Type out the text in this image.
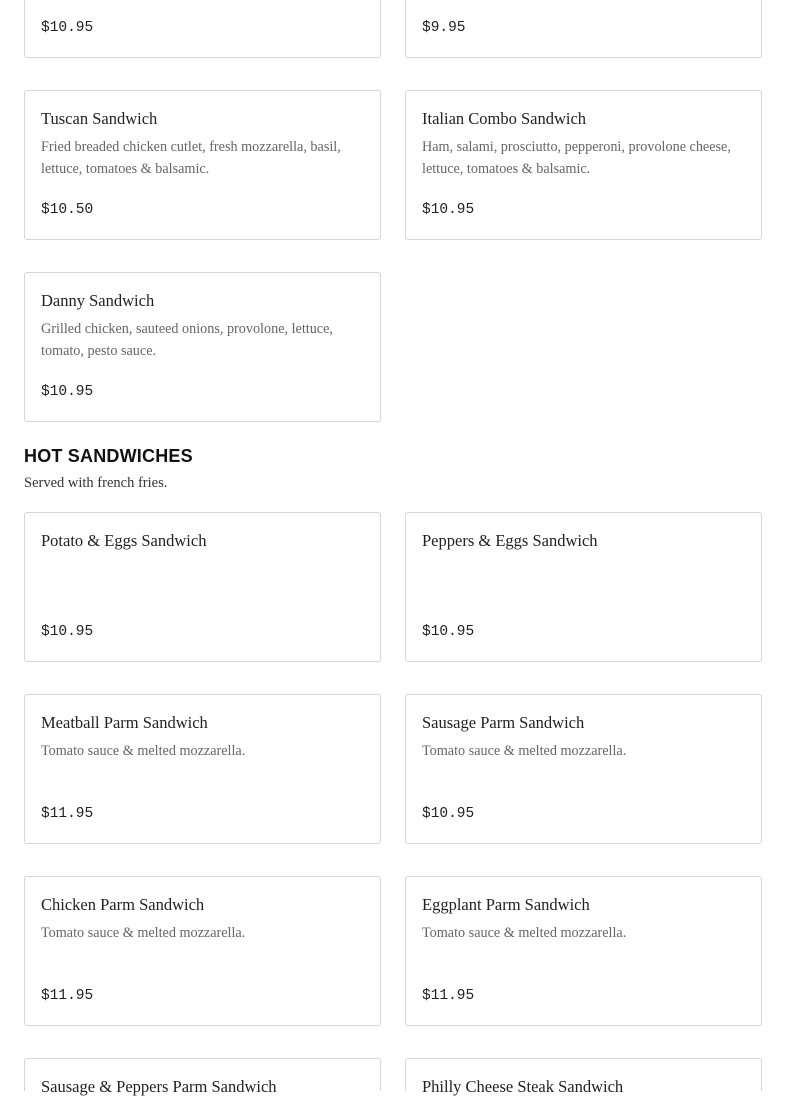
$10.95	$9.95
Tuscan Sandwich
Fried breaded chicken cutlet, fresh mozzarella, basil, lettuce, tomatoes & balsamic.
$10.50
Italian Combo Sandwich
Ham, salami, prosciutto, pepperoni, provolone cheese, lettuce, tomatoes & balsamic.
$10.95
Danny Sandwich
Grilled chicken, sauteed onions, provolone, lettuce, tomato, pesto sauce.
$10.95
HOT SANDWICHES
Served with french fries.
Potato & Eggs Sandwich
$10.95
Peppers & Eggs Sandwich
$10.95
Meatball Parm Sandwich
Tomato sauce & melted mozzarella.
$11.95
Sausage Parm Sandwich
Tomato sauce & melted mozzarella.
$10.95
Chicken Parm Sandwich
Tomato sauce & melted mozzarella.
$11.95
Eggplant Parm Sandwich
Tomato sauce & melted mozzarella.
$11.95
Sausage & Peppers Parm Sandwich	Philly Cheese Steak Sandwich
